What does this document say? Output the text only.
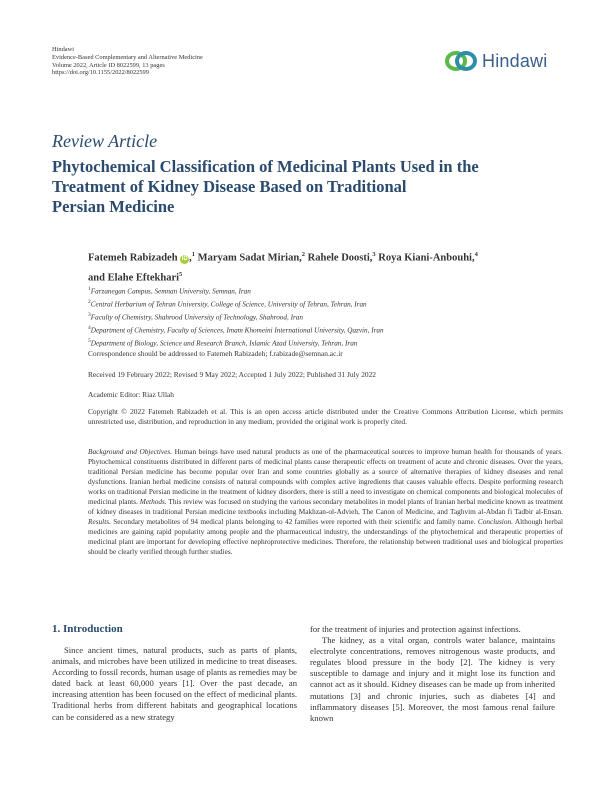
Hindawi
Evidence-Based Complementary and Alternative Medicine
Volume 2022, Article ID 8022599, 13 pages
https://doi.org/10.1155/2022/8022599
Hindawi
Review Article
Phytochemical Classification of Medicinal Plants Used in the
Treatment of Kidney Disease Based on Traditional
Persian Medicine
Fatemeh Rabizadeh iD ,$^1$ Maryam Sadat Mirian,$^2$ Rahele Doosti,$^3$ Roya Kiani-Anbouhi,$^4$
and Elahe Eftekhari$^5$
$^1$Farzanegan Campus, Semnan University, Semnan, Iran
$^2$Central Herbarium of Tehran University, College of Science, University of Tehran, Tehran, Iran
$^3$Faculty of Chemistry, Shahrood University of Technology, Shahrood, Iran
$^4$Department of Chemistry, Faculty of Sciences, Imam Khomeini International University, Qazvin, Iran
$^5$Department of Biology, Science and Research Branch, Islamic Azad University, Tehran, Iran
Correspondence should be addressed to Fatemeh Rabizadeh; f.rabizade@semnan.ac.ir
Received 19 February 2022; Revised 9 May 2022; Accepted 1 July 2022; Published 31 July 2022
Academic Editor: Riaz Ullah
Copyright © 2022 Fatemeh Rabizadeh et al. This is an open access article distributed under the Creative Commons Attribution License, which permits unrestricted use, distribution, and reproduction in any medium, provided the original work is properly cited.
Background and Objectives. Human beings have used natural products as one of the pharmaceutical sources to improve human health for thousands of years. Phytochemical constituents distributed in different parts of medicinal plants cause therapeutic effects on treatment of acute and chronic diseases. Over the years, traditional Persian medicine has become popular over Iran and some countries globally as a source of alternative therapies of kidney diseases and renal dysfunctions. Iranian herbal medicine consists of natural compounds with complex active ingredients that causes valuable effects. Despite performing research works on traditional Persian medicine in the treatment of kidney disorders, there is still a need to investigate on chemical components and biological molecules of medicinal plants. Methods. This review was focused on studying the various secondary metabolites in model plants of Iranian herbal medicine known as treatment of kidney diseases in traditional Persian medicine textbooks including Makhzan-ol-Advieh, The Canon of Medicine, and Taghvim al-Abdan fi Tadbir al-Ensan. Results. Secondary metabolites of 94 medical plants belonging to 42 families were reported with their scientific and family name. Conclusion. Although herbal medicines are gaining rapid popularity among people and the pharmaceutical industry, the understandings of the phytochemical and therapeutic properties of medicinal plant are important for developing effective nephroprotective medicines. Therefore, the relationship between traditional uses and biological properties should be clearly verified through further studies.
1. Introduction

Since ancient times, natural products, such as parts of plants, animals, and microbes have been utilized in medicine to treat diseases. According to fossil records, human usage of plants as remedies may be dated back at least 60,000 years [1]. Over the past decade, an increasing attention has been focused on the effect of medicinal plants. Traditional herbs from different habitats and geographical locations can be considered as a new strategy

for the treatment of injuries and protection against infections.

The kidney, as a vital organ, controls water balance, maintains electrolyte concentrations, removes nitrogenous waste products, and regulates blood pressure in the body [2]. The kidney is very susceptible to damage and injury and it might lose its function and cannot act as it should. Kidney diseases can be made up from inherited mutations [3] and chronic injuries, such as diabetes [4] and inflammatory diseases [5]. Moreover, the most famous renal failure known
